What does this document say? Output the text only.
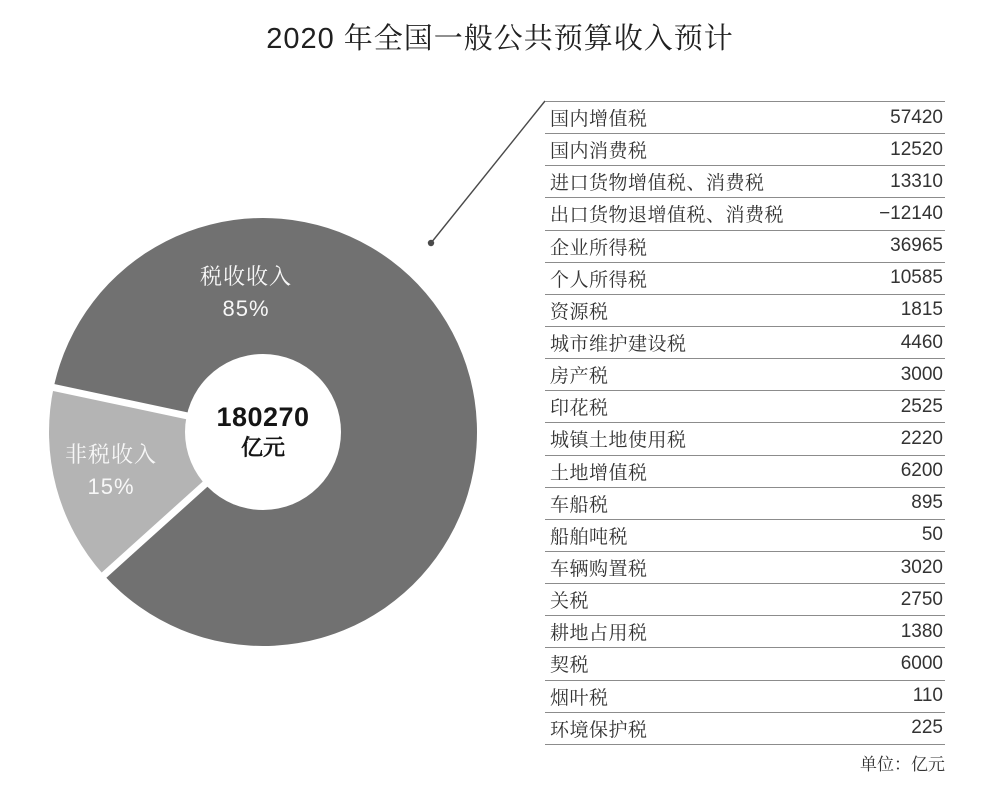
2020 年全国一般公共预算收入预计
税收收入
85%
非税收入
15%
180270
亿元
国内增值税	57420
国内消费税	12520
进口货物增值税、消费税	13310
出口货物退增值税、消费税	−12140
企业所得税	36965
个人所得税	10585
资源税	1815
城市维护建设税	4460
房产税	3000
印花税	2525
城镇土地使用税	2220
土地增值税	6200
车船税	895
船舶吨税	50
车辆购置税	3020
关税	2750
耕地占用税	1380
契税	6000
烟叶税	110
环境保护税	225
单位：亿元
